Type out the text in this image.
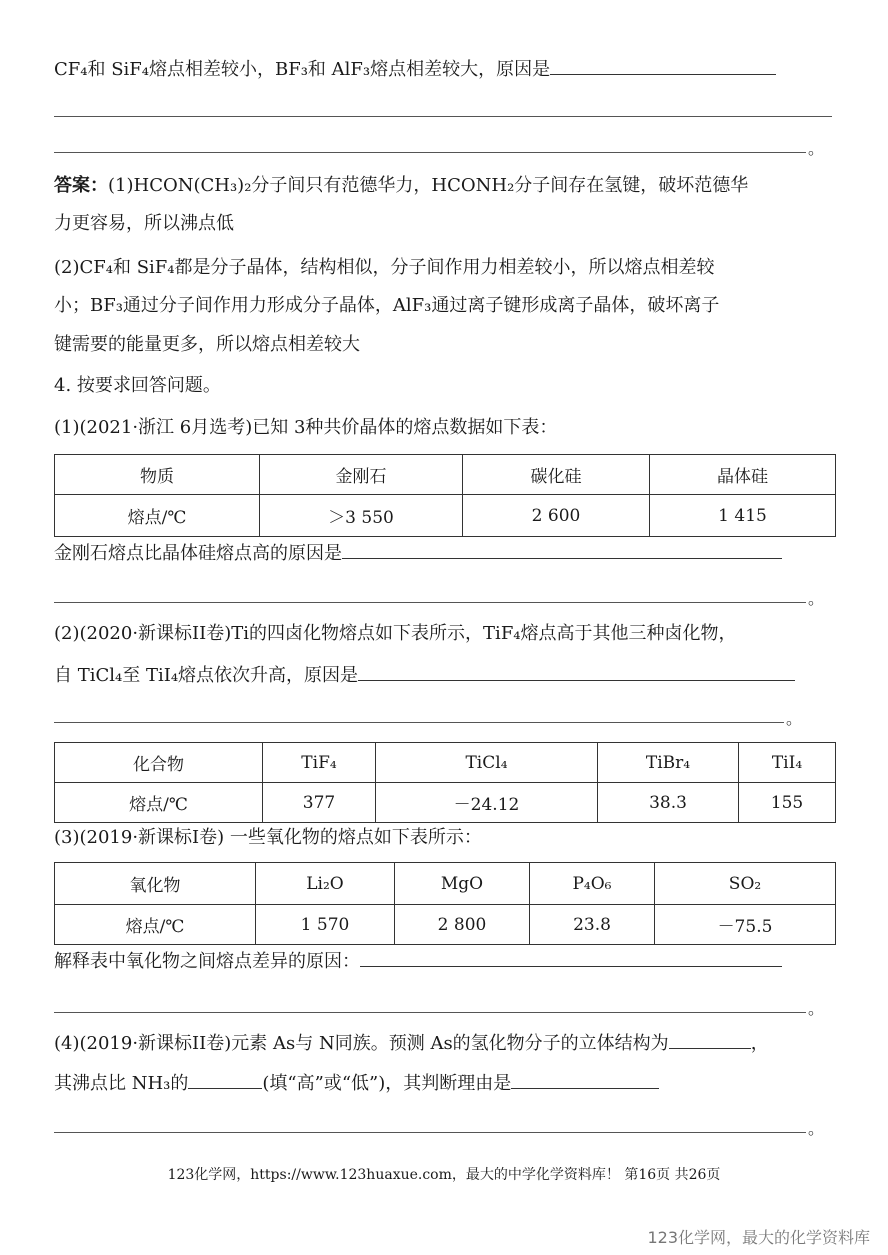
CF₄和 SiF₄熔点相差较小，BF₃和 AlF₃熔点相差较大，原因是
。
答案：(1)HCON(CH₃)₂分子间只有范德华力，HCONH₂分子间存在氢键，破坏范德华
力更容易，所以沸点低
(2)CF₄和 SiF₄都是分子晶体，结构相似，分子间作用力相差较小，所以熔点相差较
小；BF₃通过分子间作用力形成分子晶体，AlF₃通过离子键形成离子晶体，破坏离子
键需要的能量更多，所以熔点相差较大
4. 按要求回答问题。
(1)(2021·浙江 6月选考)已知 3种共价晶体的熔点数据如下表：
物质	金刚石	碳化硅	晶体硅
熔点/℃	＞3 550	2 600	1 415
金刚石熔点比晶体硅熔点高的原因是
。
(2)(2020·新课标II卷)Ti的四卤化物熔点如下表所示，TiF₄熔点高于其他三种卤化物，
自 TiCl₄至 TiI₄熔点依次升高，原因是
。
化合物	TiF₄	TiCl₄	TiBr₄	TiI₄
熔点/℃	377	－24.12	38.3	155
(3)(2019·新课标I卷) 一些氧化物的熔点如下表所示：
氧化物	Li₂O	MgO	P₄O₆	SO₂
熔点/℃	1 570	2 800	23.8	－75.5
解释表中氧化物之间熔点差异的原因：
。
(4)(2019·新课标II卷)元素 As与 N同族。预测 As的氢化物分子的立体结构为	，
其沸点比 NH₃的	(填“高”或“低”)，其判断理由是
。
123化学网，https://www.123huaxue.com，最大的中学化学资料库！ 第16页 共26页
123化学网，最大的化学资料库
